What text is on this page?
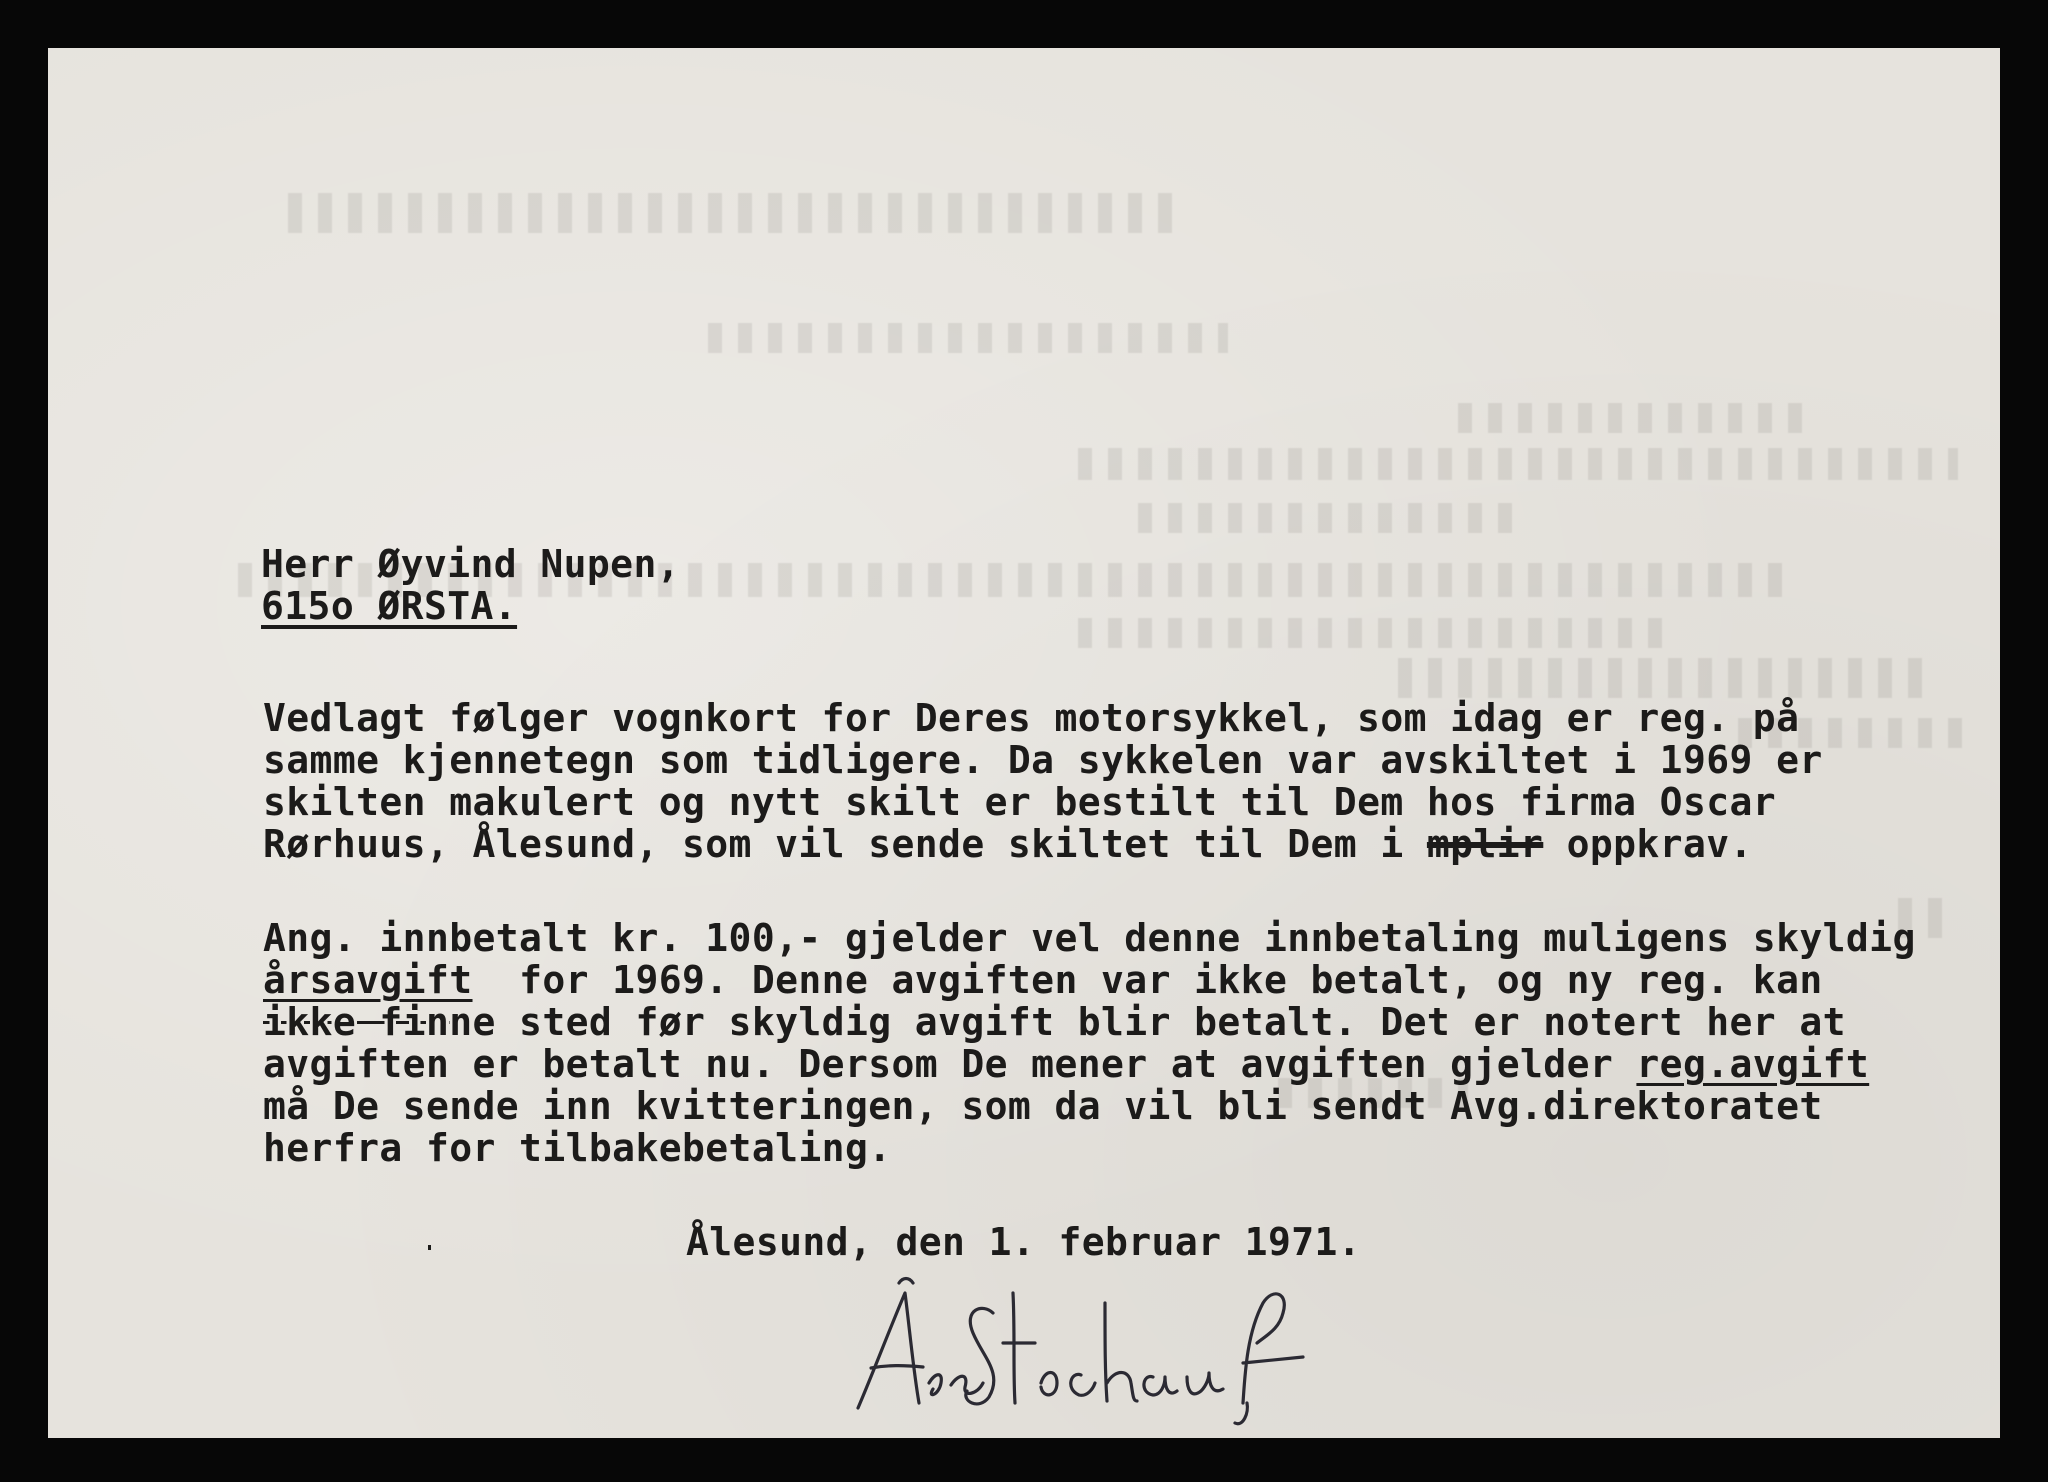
Herr Øyvind Nupen,
615o ØRSTA.
Vedlagt følger vognkort for Deres motorsykkel, som idag er reg. på
samme kjennetegn som tidligere. Da sykkelen var avskiltet i 1969 er
skilten makulert og nytt skilt er bestilt til Dem hos firma Oscar
Rørhuus, Ålesund, som vil sende skiltet til Dem i mplir oppkrav.
Ang. innbetalt kr. 100,- gjelder vel denne innbetaling muligens skyldig
årsavgift  for 1969. Denne avgiften var ikke betalt, og ny reg. kan
ikke finne sted før skyldig avgift blir betalt. Det er notert her at
avgiften er betalt nu. Dersom De mener at avgiften gjelder reg.avgift
må De sende inn kvitteringen, som da vil bli sendt Avg.direktoratet
herfra for tilbakebetaling.
Ålesund, den 1. februar 1971.
